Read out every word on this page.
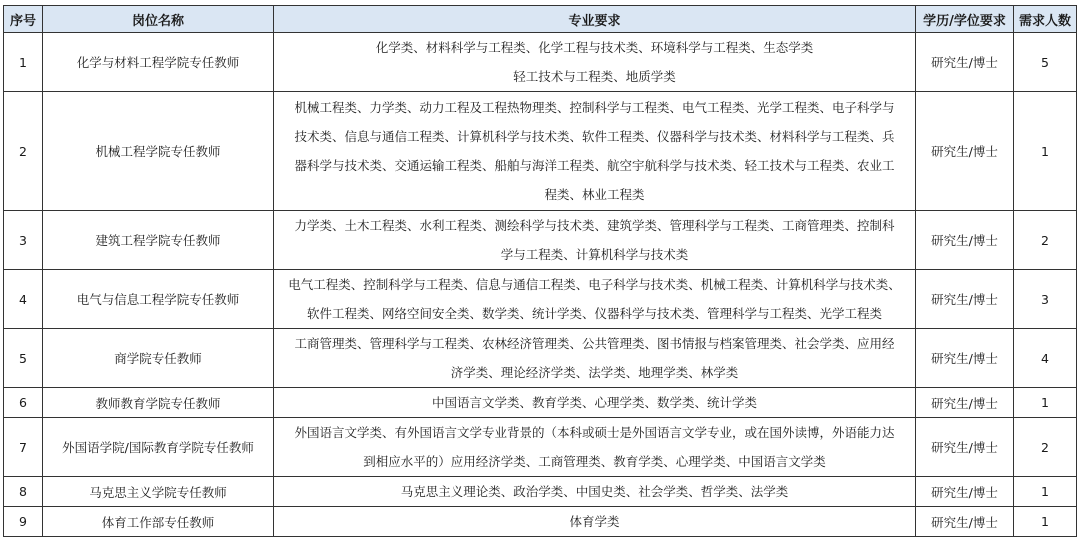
序号	岗位名称	专业要求	学历/学位要求	需求人数
1	化学与材料工程学院专任教师	化学类、材料科学与工程类、化学工程与技术类、环境科学与工程类、生态学类
轻工技术与工程类、地质学类	研究生/博士	5
2	机械工程学院专任教师	机械工程类、力学类、动力工程及工程热物理类、控制科学与工程类、电气工程类、光学工程类、电子科学与
技术类、信息与通信工程类、计算机科学与技术类、软件工程类、仪器科学与技术类、材料科学与工程类、兵
器科学与技术类、交通运输工程类、船舶与海洋工程类、航空宇航科学与技术类、轻工技术与工程类、农业工
程类、林业工程类	研究生/博士	1
3	建筑工程学院专任教师	力学类、土木工程类、水利工程类、测绘科学与技术类、建筑学类、管理科学与工程类、工商管理类、控制科
学与工程类、计算机科学与技术类	研究生/博士	2
4	电气与信息工程学院专任教师	电气工程类、控制科学与工程类、信息与通信工程类、电子科学与技术类、机械工程类、计算机科学与技术类、
软件工程类、网络空间安全类、数学类、统计学类、仪器科学与技术类、管理科学与工程类、光学工程类	研究生/博士	3
5	商学院专任教师	工商管理类、管理科学与工程类、农林经济管理类、公共管理类、图书情报与档案管理类、社会学类、应用经
济学类、理论经济学类、法学类、地理学类、林学类	研究生/博士	4
6	教师教育学院专任教师	中国语言文学类、教育学类、心理学类、数学类、统计学类	研究生/博士	1
7	外国语学院/国际教育学院专任教师	外国语言文学类、有外国语言文学专业背景的（本科或硕士是外国语言文学专业，或在国外读博，外语能力达
到相应水平的）应用经济学类、工商管理类、教育学类、心理学类、中国语言文学类	研究生/博士	2
8	马克思主义学院专任教师	马克思主义理论类、政治学类、中国史类、社会学类、哲学类、法学类	研究生/博士	1
9	体育工作部专任教师	体育学类	研究生/博士	1
